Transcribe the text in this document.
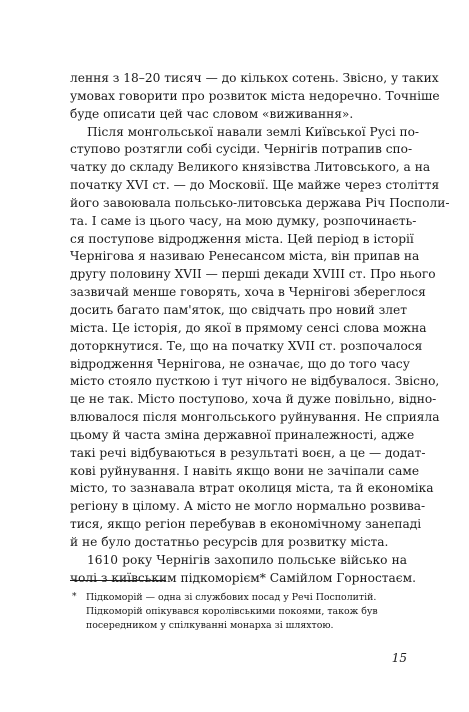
лення з 18–20 тисяч — до кількох сотень. Звісно, у таких
умовах говорити про розвиток міста недоречно. Точніше
буде описати цей час словом «виживання».
Після монгольської навали землі Київської Русі по-
ступово розтягли собі сусіди. Чернігів потрапив спо-
чатку до складу Великого князівства Литовського, а на
початку XVI ст. — до Московії. Ще майже через століття
його завоювала польсько-литовська держава Річ Посполи-
та. І саме із цього часу, на мою думку, розпочинаєть-
ся поступове відродження міста. Цей період в історії
Чернігова я називаю Ренесансом міста, він припав на
другу половину XVII — перші декади XVIII ст. Про нього
зазвичай менше говорять, хоча в Чернігові збереглося
досить багато пам'яток, що свідчать про новий злет
міста. Це історія, до якої в прямому сенсі слова можна
доторкнутися. Те, що на початку XVII ст. розпочалося
відродження Чернігова, не означає, що до того часу
місто стояло пусткою і тут нічого не відбувалося. Звісно,
це не так. Місто поступово, хоча й дуже повільно, відно-
влювалося після монгольського руйнування. Не сприяла
цьому й часта зміна державної приналежності, адже
такі речі відбуваються в результаті воєн, а це — додат-
кові руйнування. І навіть якщо вони не зачіпали саме
місто, то зазнавала втрат околиця міста, та й економіка
регіону в цілому. А місто не могло нормально розвива-
тися, якщо регіон перебував в економічному занепаді
й не було достатньо ресурсів для розвитку міста.
1610 року Чернігів захопило польське військо на
чолі з київським підкоморієм* Самійлом Горностаєм.
* Підкоморій — одна зі службових посад у Речі Посполитій.
Підкоморій опікувався королівськими покоями, також був
посередником у спілкуванні монарха зі шляхтою.
15
